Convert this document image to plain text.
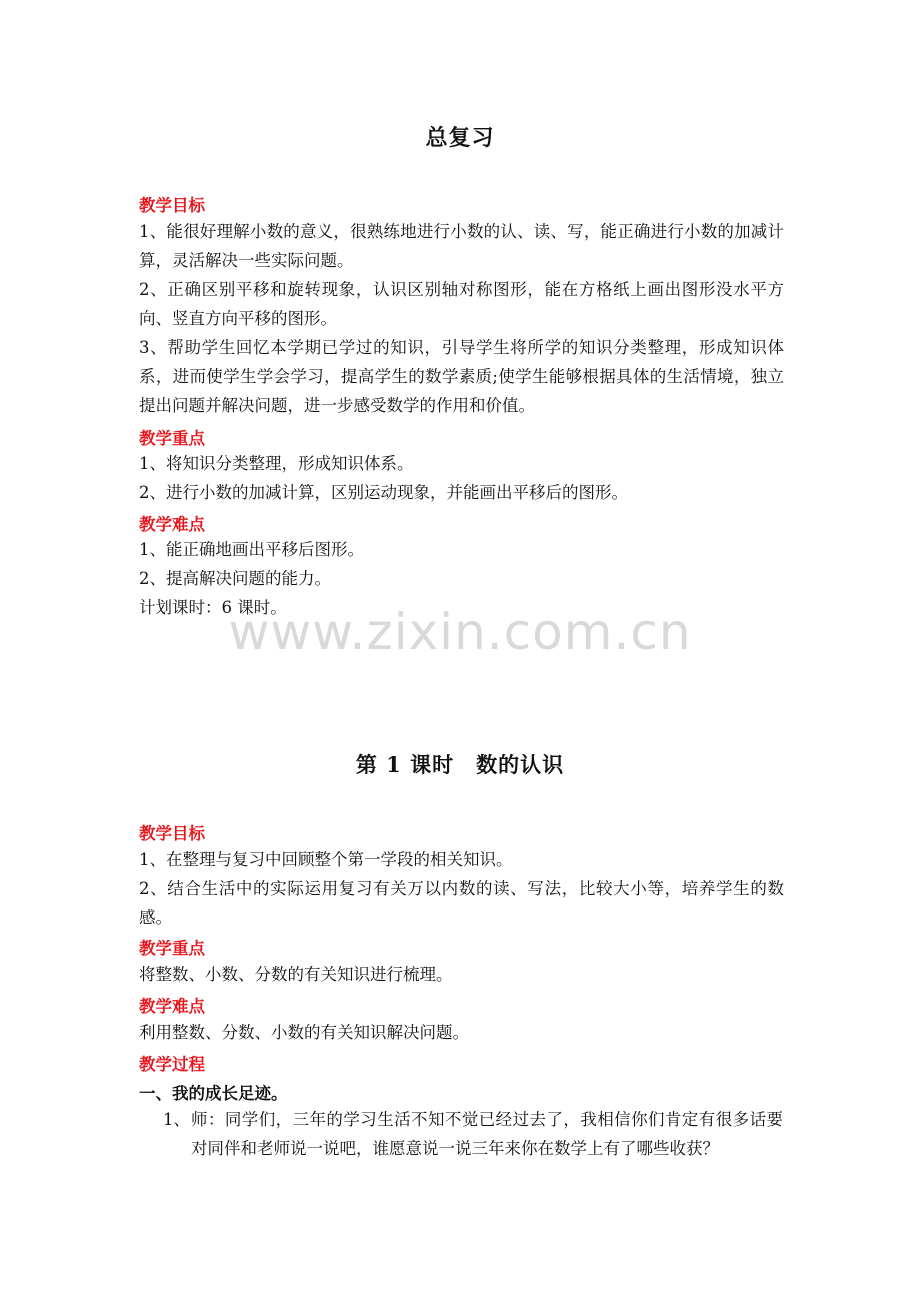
总复习

教学目标

1、能很好理解小数的意义，很熟练地进行小数的认、读、写，能正确进行小数的加减计算，灵活解决一些实际问题。

2、正确区别平移和旋转现象，认识区别轴对称图形，能在方格纸上画出图形没水平方向、竖直方向平移的图形。

3、帮助学生回忆本学期已学过的知识，引导学生将所学的知识分类整理，形成知识体系，进而使学生学会学习，提高学生的数学素质;使学生能够根据具体的生活情境，独立提出问题并解决问题，进一步感受数学的作用和价值。

教学重点

1、将知识分类整理，形成知识体系。

2、进行小数的加减计算，区别运动现象，并能画出平移后的图形。

教学难点

1、能正确地画出平移后图形。

2、提高解决问题的能力。

计划课时：6 课时。

www.zixin.com.cn

第 1 课时　数的认识

教学目标

1、在整理与复习中回顾整个第一学段的相关知识。

2、结合生活中的实际运用复习有关万以内数的读、写法，比较大小等，培养学生的数感。

教学重点

将整数、小数、分数的有关知识进行梳理。

教学难点

利用整数、分数、小数的有关知识解决问题。

教学过程

一、我的成长足迹。

1、 师：同学们，三年的学习生活不知不觉已经过去了，我相信你们肯定有很多话要对同伴和老师说一说吧，谁愿意说一说三年来你在数学上有了哪些收获？
